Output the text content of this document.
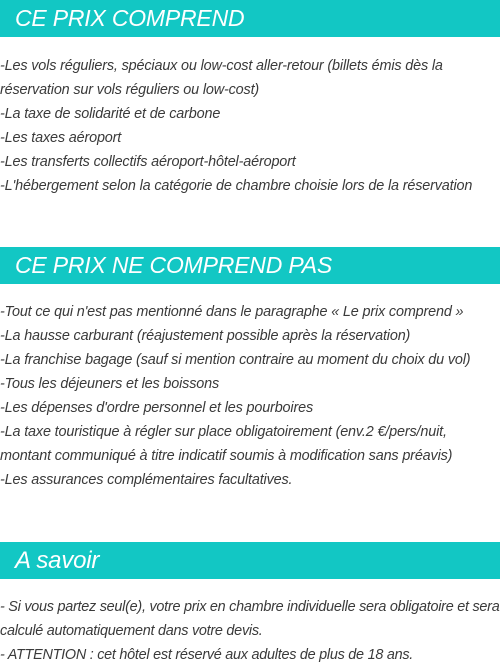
CE PRIX COMPREND
-Les vols réguliers, spéciaux ou low-cost aller-retour (billets émis dès la réservation sur vols réguliers ou low-cost)
-La taxe de solidarité et de carbone
-Les taxes aéroport
-Les transferts collectifs aéroport-hôtel-aéroport
-L'hébergement selon la catégorie de chambre choisie lors de la réservation
CE PRIX NE COMPREND PAS
-Tout ce qui n'est pas mentionné dans le paragraphe « Le prix comprend »
-La hausse carburant (réajustement possible après la réservation)
-La franchise bagage (sauf si mention contraire au moment du choix du vol)
-Tous les déjeuners et les boissons
-Les dépenses d'ordre personnel et les pourboires
-La taxe touristique à régler sur place obligatoirement (env.2 €/pers/nuit, montant communiqué à titre indicatif soumis à modification sans préavis)
-Les assurances complémentaires facultatives.
A savoir
- Si vous partez seul(e), votre prix en chambre individuelle sera obligatoire et sera calculé automatiquement dans votre devis.
- ATTENTION : cet hôtel est réservé aux adultes de plus de 18 ans.
